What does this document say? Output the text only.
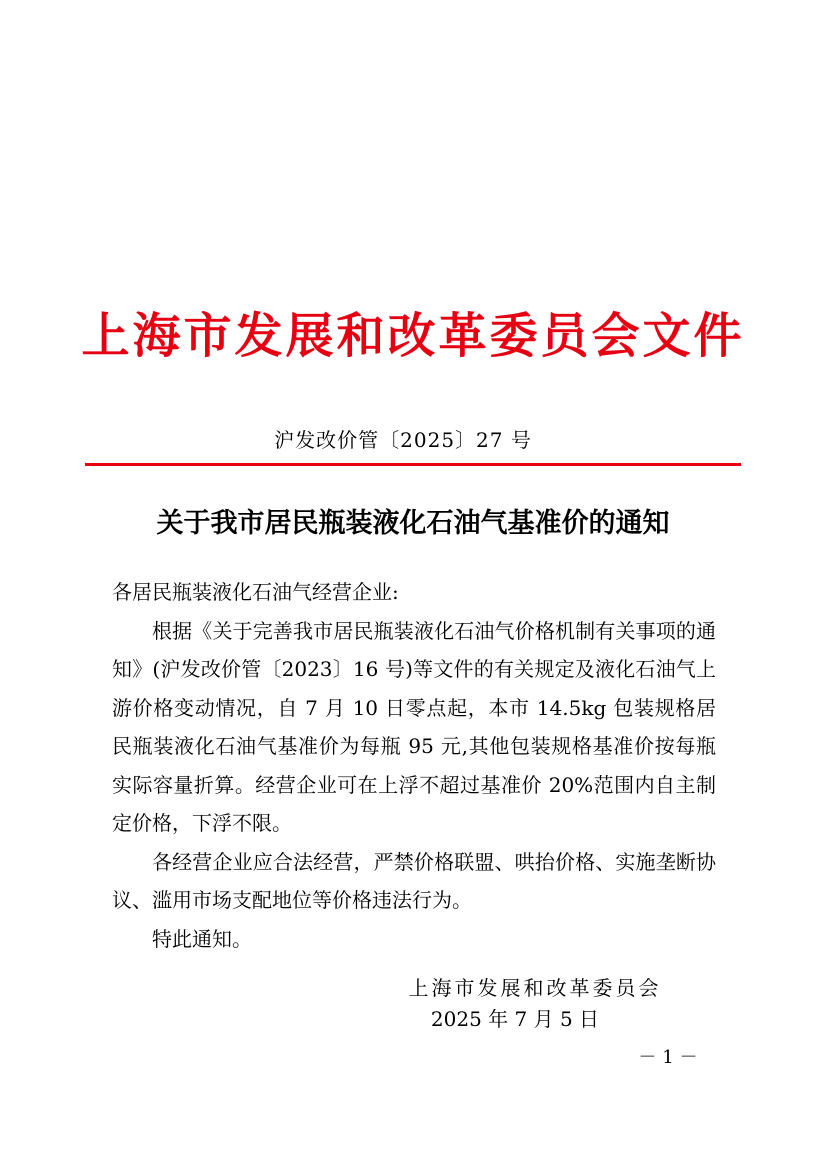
上海市发展和改革委员会文件
沪发改价管〔2025〕27 号
关于我市居民瓶装液化石油气基准价的通知

各居民瓶装液化石油气经营企业:

根据《关于完善我市居民瓶装液化石油气价格机制有关事项的通知》(沪发改价管〔2023〕16 号)等文件的有关规定及液化石油气上游价格变动情况，自 7 月 10 日零点起，本市 14.5kg 包装规格居民瓶装液化石油气基准价为每瓶 95 元,其他包装规格基准价按每瓶实际容量折算。经营企业可在上浮不超过基准价 20%范围内自主制定价格，下浮不限。

各经营企业应合法经营，严禁价格联盟、哄抬价格、实施垄断协议、滥用市场支配地位等价格违法行为。

特此通知。

上海市发展和改革委员会
2025 年 7 月 5 日
－ 1 －
